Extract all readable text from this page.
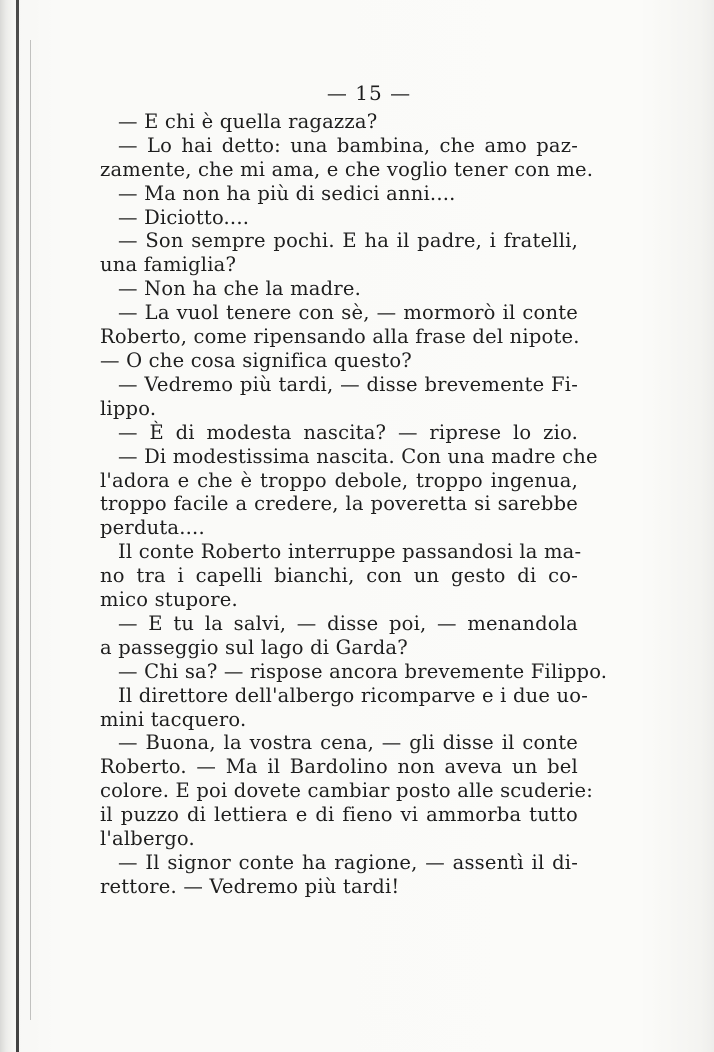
— 15 —
— E chi è quella ragazza?
— Lo hai detto: una bambina, che amo paz-
zamente, che mi ama, e che voglio tener con me.
— Ma non ha più di sedici anni....
— Diciotto....
— Son sempre pochi. E ha il padre, i fratelli,
una famiglia?
— Non ha che la madre.
— La vuol tenere con sè, — mormorò il conte
Roberto, come ripensando alla frase del nipote.
— O che cosa significa questo?
— Vedremo più tardi, — disse brevemente Fi-
lippo.
— È di modesta nascita? — riprese lo zio.
— Di modestissima nascita. Con una madre che
l'adora e che è troppo debole, troppo ingenua,
troppo facile a credere, la poveretta si sarebbe
perduta....
Il conte Roberto interruppe passandosi la ma-
no tra i capelli bianchi, con un gesto di co-
mico stupore.
— E tu la salvi, — disse poi, — menandola
a passeggio sul lago di Garda?
— Chi sa? — rispose ancora brevemente Filippo.
Il direttore dell'albergo ricomparve e i due uo-
mini tacquero.
— Buona, la vostra cena, — gli disse il conte
Roberto. — Ma il Bardolino non aveva un bel
colore. E poi dovete cambiar posto alle scuderie:
il puzzo di lettiera e di fieno vi ammorba tutto
l'albergo.
— Il signor conte ha ragione, — assentì il di-
rettore. — Vedremo più tardi!
